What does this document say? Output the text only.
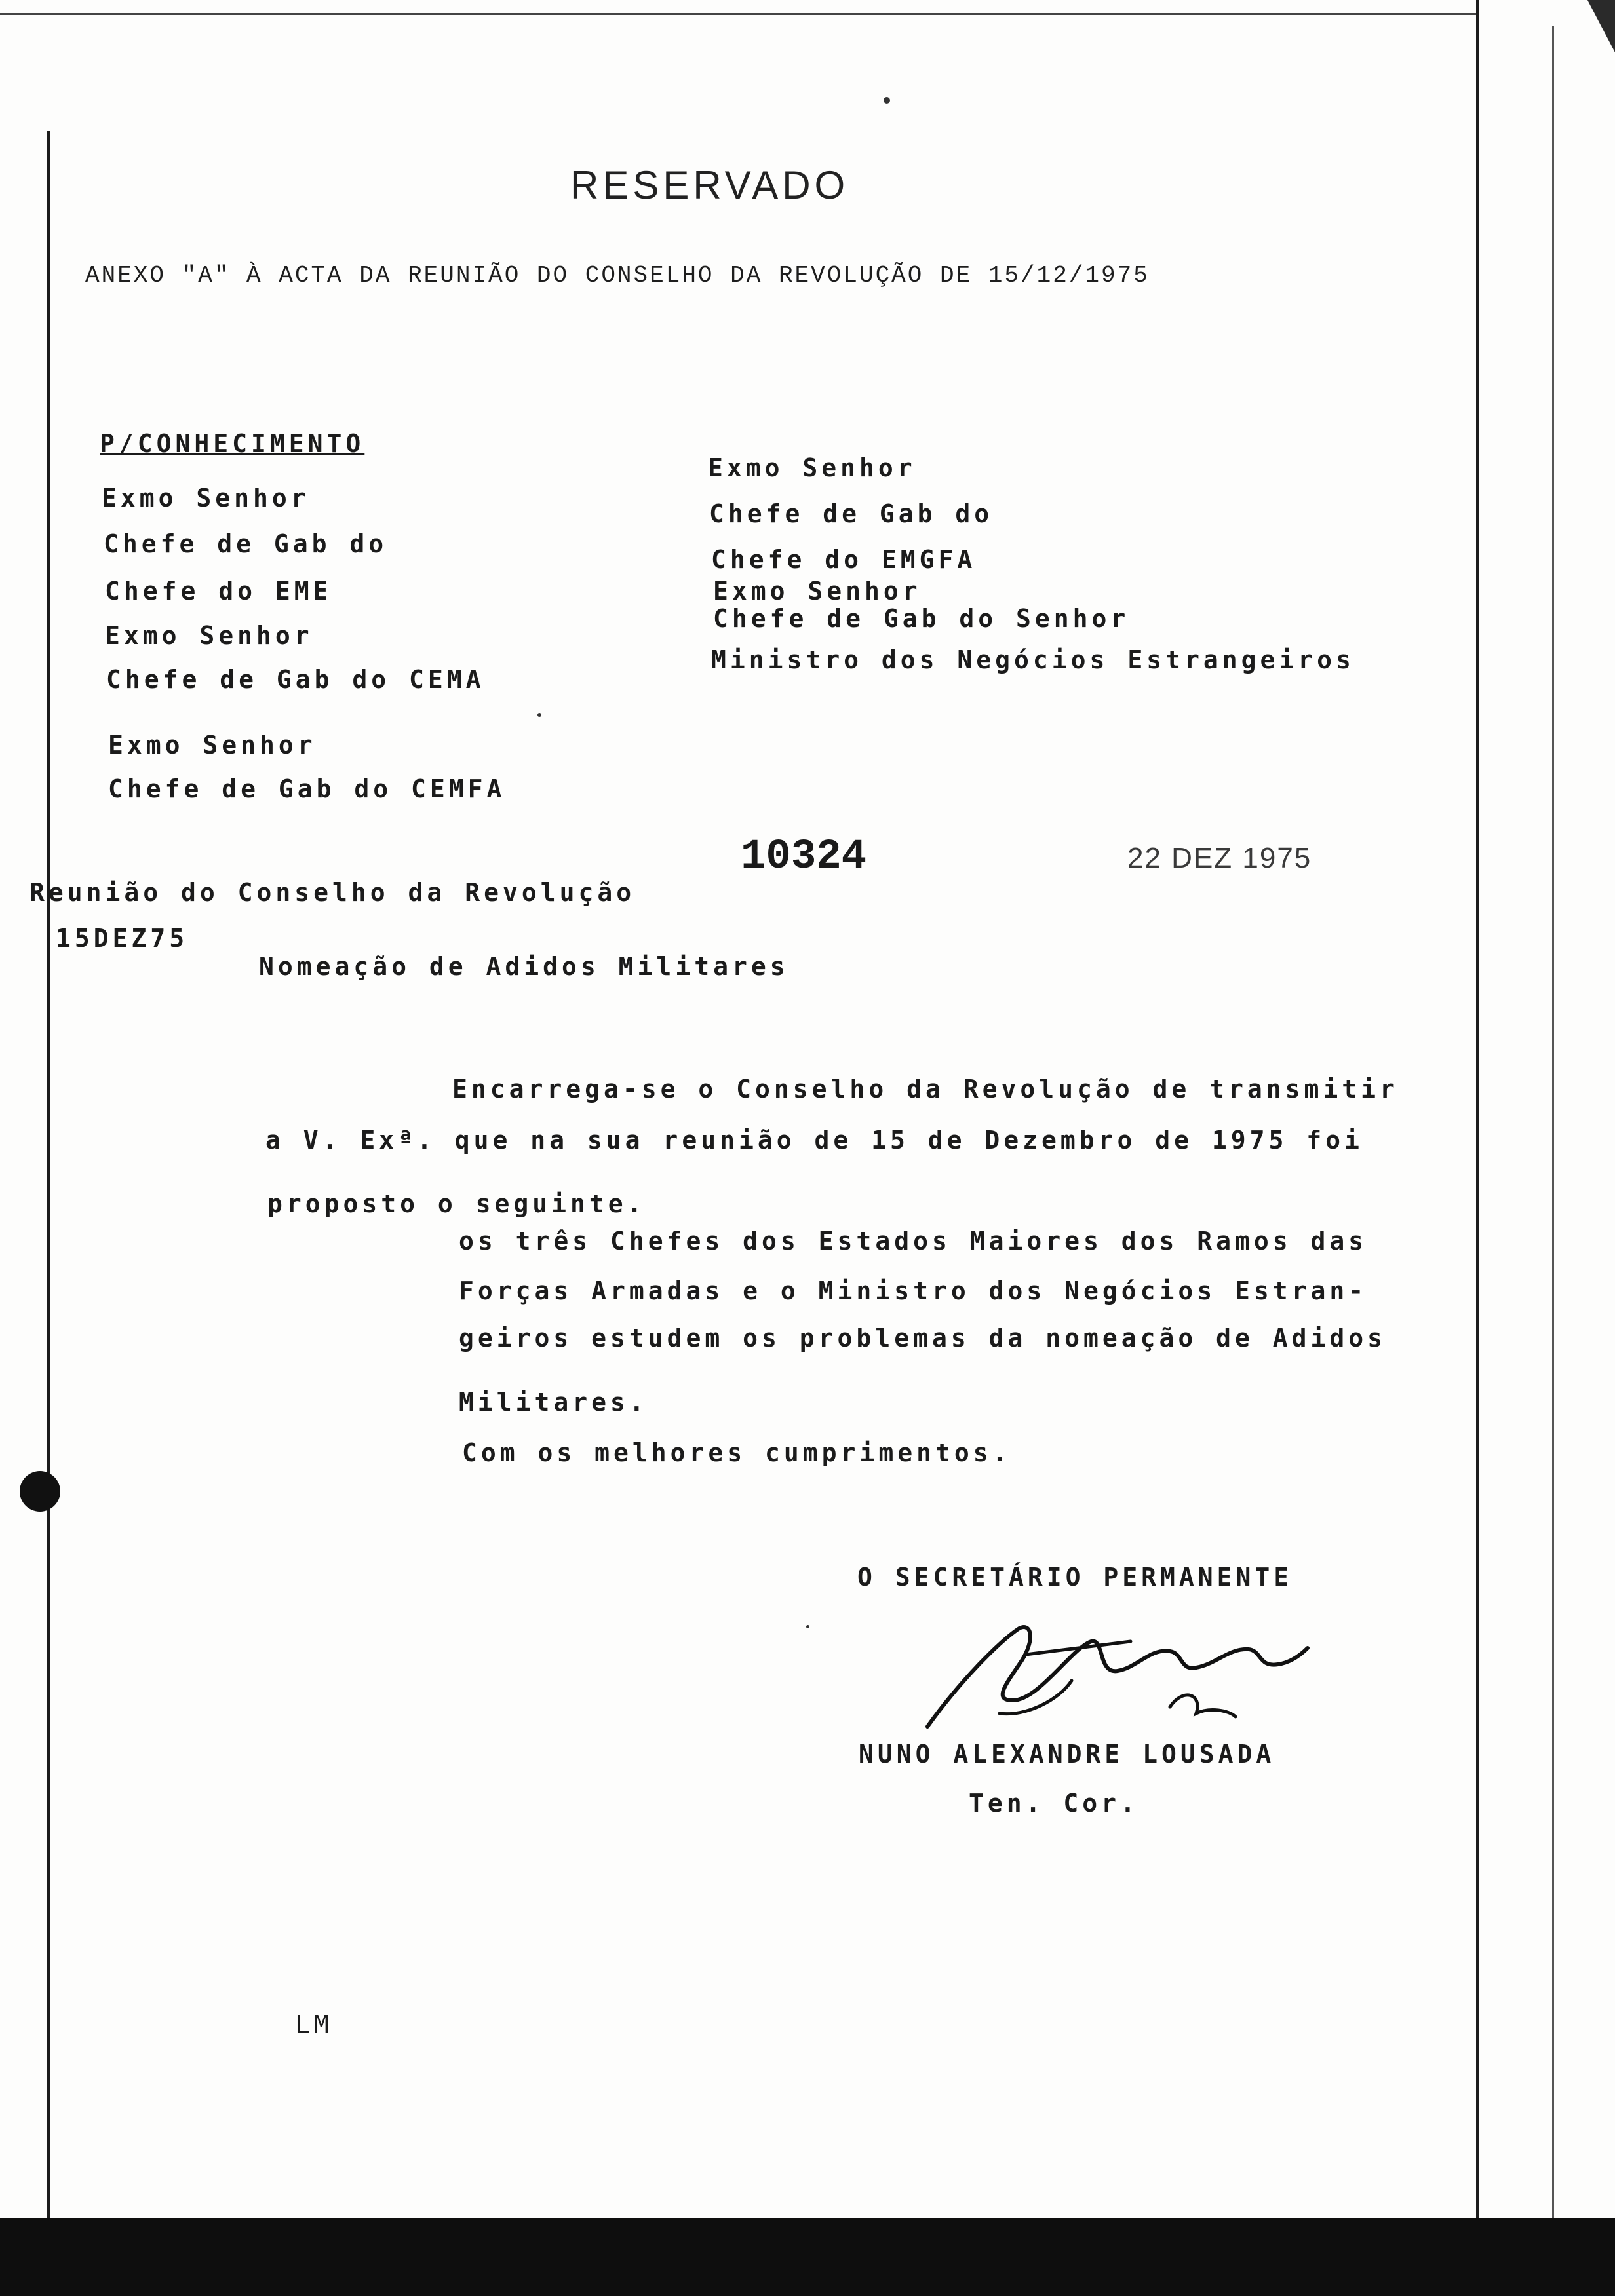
RESERVADO
ANEXO "A" À ACTA DA REUNIÃO DO CONSELHO DA REVOLUÇÃO DE 15/12/1975
P/CONHECIMENTO
Exmo Senhor
Chefe de Gab do
Chefe do EME
Exmo Senhor
Chefe de Gab do CEMA
Exmo Senhor
Chefe de Gab do CEMFA
Exmo Senhor
Chefe de Gab do
Chefe do EMGFA
Exmo Senhor
Chefe de Gab do Senhor
Ministro dos Negócios Estrangeiros
10324	22 DEZ 1975
Reunião do Conselho da Revolução
15DEZ75
Nomeação de Adidos Militares
Encarrega-se o Conselho da Revolução de transmitir
a V. Exª. que na sua reunião de 15 de Dezembro de 1975 foi
proposto o seguinte.
os três Chefes dos Estados Maiores dos Ramos das
Forças Armadas e o Ministro dos Negócios Estran-
geiros estudem os problemas da nomeação de Adidos
Militares.
Com os melhores cumprimentos.
O SECRETÁRIO PERMANENTE
NUNO ALEXANDRE LOUSADA
Ten. Cor.
LM
